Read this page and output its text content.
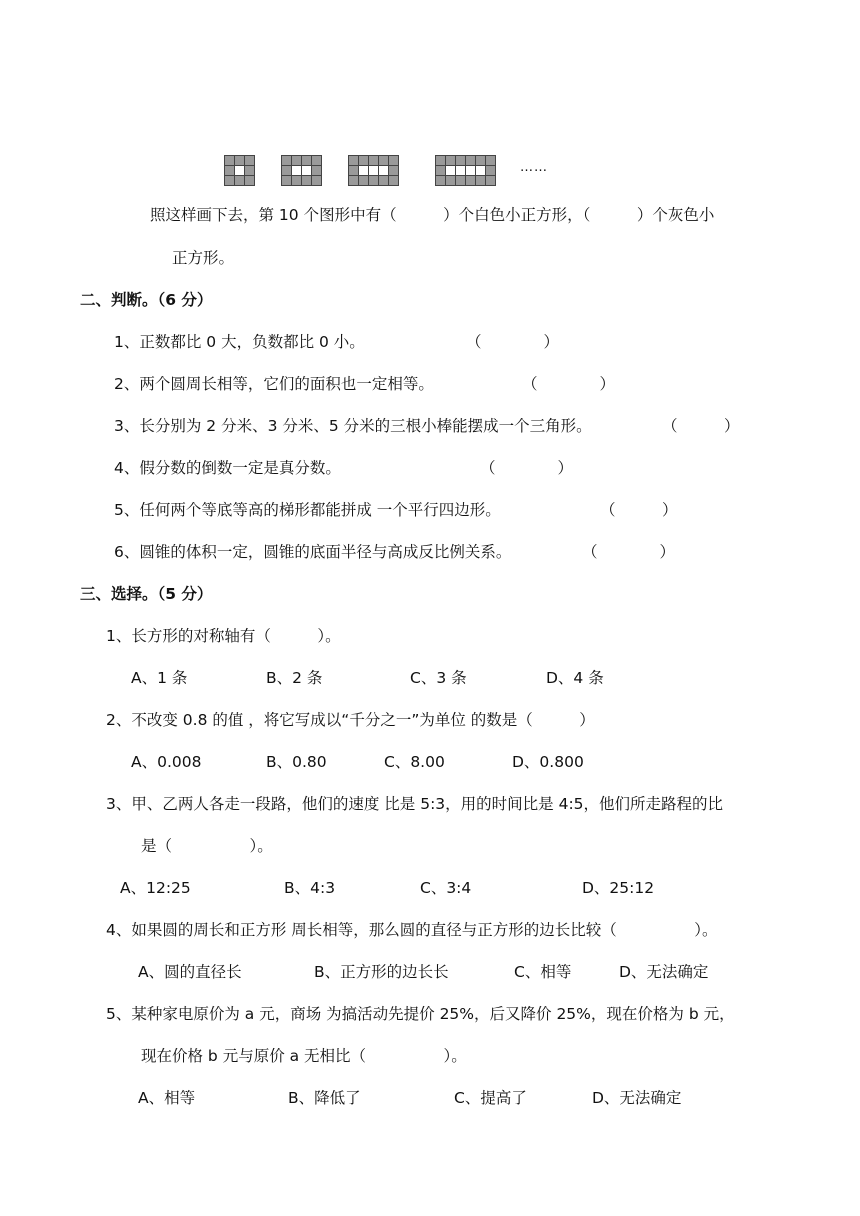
……
照这样画下去，第 10 个图形中有（　　　）个白色小正方形，（　　　）个灰色小
正方形。
二、判断。（6 分）
1、正数都比 0 大，负数都比 0 小。	（　　　　）
2、两个圆周长相等，它们的面积也一定相等。	（　　　　）
3、长分别为 2 分米、3 分米、5 分米的三根小棒能摆成一个三角形。	（　　　）
4、假分数的倒数一定是真分数。	（　　　　）
5、任何两个等底等高的梯形都能拼成 一个平行四边形。	（　　　）
6、圆锥的体积一定，圆锥的底面半径与高成反比例关系。	（　　　　）
三、选择。（5 分）
1、长方形的对称轴有（　　　）。
A、1 条	B、2 条	C、3 条	D、4 条
2、不改变 0.8 的值 ，将它写成以“千分之一”为单位 的数是（　　　）
A、0.008	B、0.80	C、8.00	D、0.800
3、甲、乙两人各走一段路，他们的速度 比是 5:3，用的时间比是 4:5，他们所走路程的比
是（　　　　　）。
A、12:25	B、4:3	C、3:4	D、25:12
4、如果圆的周长和正方形 周长相等，那么圆的直径与正方形的边长比较（　　　　　）。
A、圆的直径长	B、正方形的边长长	C、相等	D、无法确定
5、某种家电原价为 a 元，商场 为搞活动先提价 25%，后又降价 25%，现在价格为 b 元，
现在价格 b 元与原价 a 无相比（　　　　　）。
A、相等	B、降低了	C、提高了	D、无法确定
